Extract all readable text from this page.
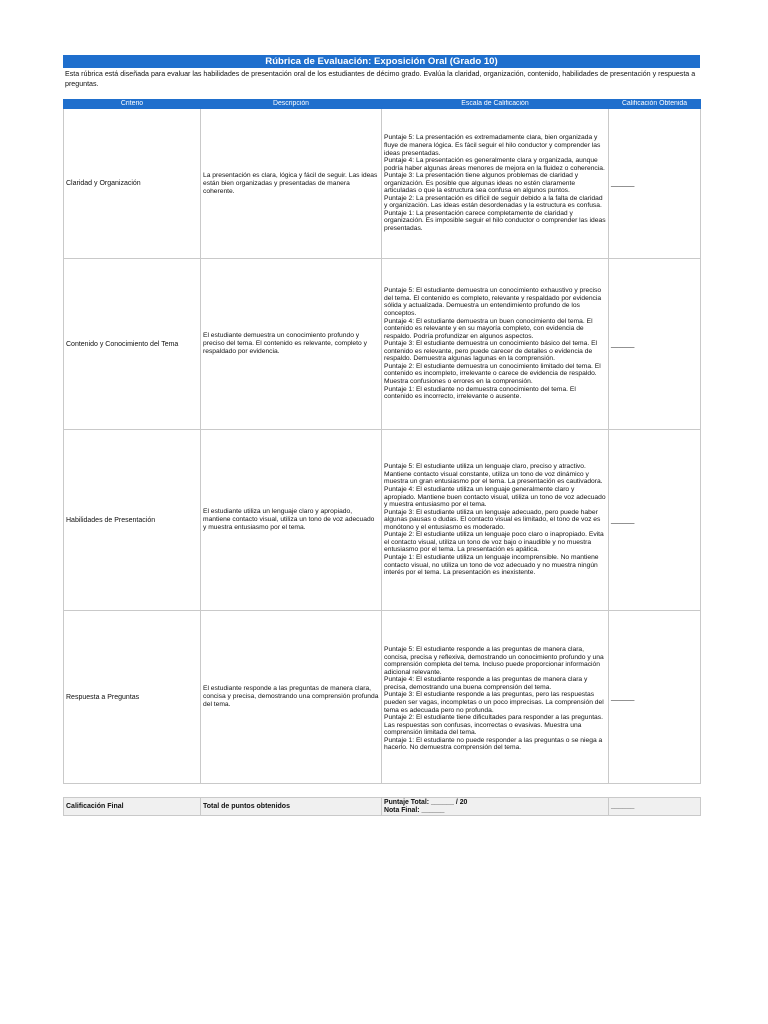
Rúbrica de Evaluación: Exposición Oral (Grado 10)
Esta rúbrica está diseñada para evaluar las habilidades de presentación oral de los estudiantes de décimo grado. Evalúa la claridad, organización, contenido, habilidades de presentación y respuesta a preguntas.
Criterio	Descripción	Escala de Calificación	Calificación Obtenida
Claridad y Organización	La presentación es clara, lógica y fácil de seguir. Las ideas están bien organizadas y presentadas de manera coherente.	Puntaje 5: La presentación es extremadamente clara, bien organizada y fluye de manera lógica. Es fácil seguir el hilo conductor y comprender las ideas presentadas.
Puntaje 4: La presentación es generalmente clara y organizada, aunque podría haber algunas áreas menores de mejora en la fluidez o coherencia.
Puntaje 3: La presentación tiene algunos problemas de claridad y organización. Es posible que algunas ideas no estén claramente articuladas o que la estructura sea confusa en algunos puntos.
Puntaje 2: La presentación es difícil de seguir debido a la falta de claridad y organización. Las ideas están desordenadas y la estructura es confusa.
Puntaje 1: La presentación carece completamente de claridad y organización. Es imposible seguir el hilo conductor o comprender las ideas presentadas.	______
Contenido y Conocimiento del Tema	El estudiante demuestra un conocimiento profundo y preciso del tema. El contenido es relevante, completo y respaldado por evidencia.	Puntaje 5: El estudiante demuestra un conocimiento exhaustivo y preciso del tema. El contenido es completo, relevante y respaldado por evidencia sólida y actualizada. Demuestra un entendimiento profundo de los conceptos.
Puntaje 4: El estudiante demuestra un buen conocimiento del tema. El contenido es relevante y en su mayoría completo, con evidencia de respaldo. Podría profundizar en algunos aspectos.
Puntaje 3: El estudiante demuestra un conocimiento básico del tema. El contenido es relevante, pero puede carecer de detalles o evidencia de respaldo. Demuestra algunas lagunas en la comprensión.
Puntaje 2: El estudiante demuestra un conocimiento limitado del tema. El contenido es incompleto, irrelevante o carece de evidencia de respaldo. Muestra confusiones o errores en la comprensión.
Puntaje 1: El estudiante no demuestra conocimiento del tema. El contenido es incorrecto, irrelevante o ausente.	______
Habilidades de Presentación	El estudiante utiliza un lenguaje claro y apropiado, mantiene contacto visual, utiliza un tono de voz adecuado y muestra entusiasmo por el tema.	Puntaje 5: El estudiante utiliza un lenguaje claro, preciso y atractivo. Mantiene contacto visual constante, utiliza un tono de voz dinámico y muestra un gran entusiasmo por el tema. La presentación es cautivadora.
Puntaje 4: El estudiante utiliza un lenguaje generalmente claro y apropiado. Mantiene buen contacto visual, utiliza un tono de voz adecuado y muestra entusiasmo por el tema.
Puntaje 3: El estudiante utiliza un lenguaje adecuado, pero puede haber algunas pausas o dudas. El contacto visual es limitado, el tono de voz es monótono y el entusiasmo es moderado.
Puntaje 2: El estudiante utiliza un lenguaje poco claro o inapropiado. Evita el contacto visual, utiliza un tono de voz bajo o inaudible y no muestra entusiasmo por el tema. La presentación es apática.
Puntaje 1: El estudiante utiliza un lenguaje incomprensible. No mantiene contacto visual, no utiliza un tono de voz adecuado y no muestra ningún interés por el tema. La presentación es inexistente.	______
Respuesta a Preguntas	El estudiante responde a las preguntas de manera clara, concisa y precisa, demostrando una comprensión profunda del tema.	Puntaje 5: El estudiante responde a las preguntas de manera clara, concisa, precisa y reflexiva, demostrando un conocimiento profundo y una comprensión completa del tema. Incluso puede proporcionar información adicional relevante.
Puntaje 4: El estudiante responde a las preguntas de manera clara y precisa, demostrando una buena comprensión del tema.
Puntaje 3: El estudiante responde a las preguntas, pero las respuestas pueden ser vagas, incompletas o un poco imprecisas. La comprensión del tema es adecuada pero no profunda.
Puntaje 2: El estudiante tiene dificultades para responder a las preguntas. Las respuestas son confusas, incorrectas o evasivas. Muestra una comprensión limitada del tema.
Puntaje 1: El estudiante no puede responder a las preguntas o se niega a hacerlo. No demuestra comprensión del tema.	______
Calificación Final	Total de puntos obtenidos	
Puntaje Total: ______ / 20
Nota Final: ______	______
